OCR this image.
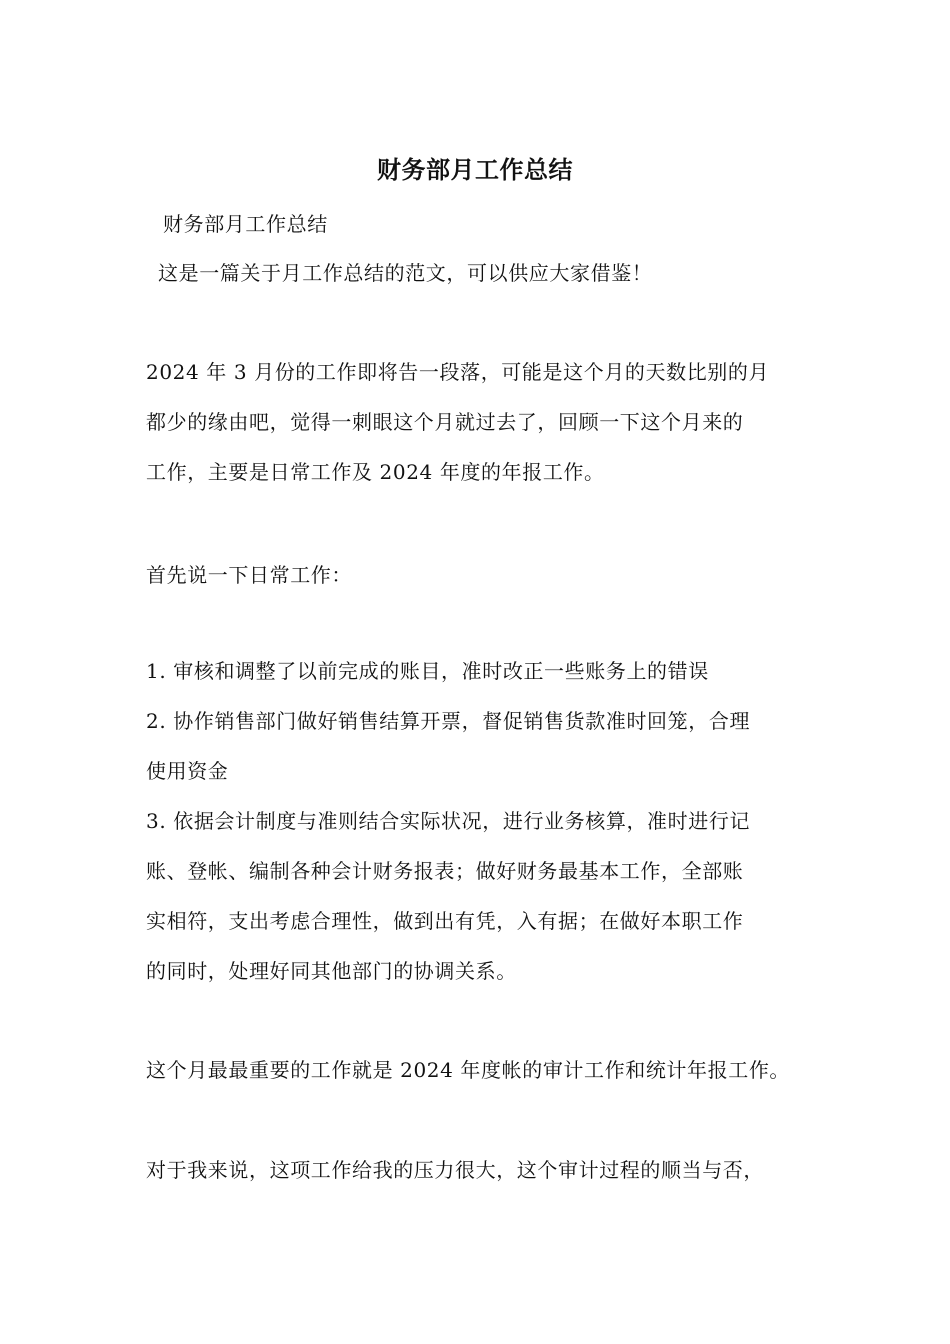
财务部月工作总结
财务部月工作总结
这是一篇关于月工作总结的范文，可以供应大家借鉴！
2024 年 3 月份的工作即将告一段落，可能是这个月的天数比别的月
都少的缘由吧，觉得一刺眼这个月就过去了，回顾一下这个月来的
工作，主要是日常工作及 2024 年度的年报工作。
首先说一下日常工作：
1. 审核和调整了以前完成的账目，准时改正一些账务上的错误
2. 协作销售部门做好销售结算开票，督促销售货款准时回笼，合理
使用资金
3. 依据会计制度与准则结合实际状况，进行业务核算，准时进行记
账、登帐、编制各种会计财务报表；做好财务最基本工作，全部账
实相符，支出考虑合理性，做到出有凭，入有据；在做好本职工作
的同时，处理好同其他部门的协调关系。
这个月最最重要的工作就是 2024 年度帐的审计工作和统计年报工作。
对于我来说，这项工作给我的压力很大，这个审计过程的顺当与否，
